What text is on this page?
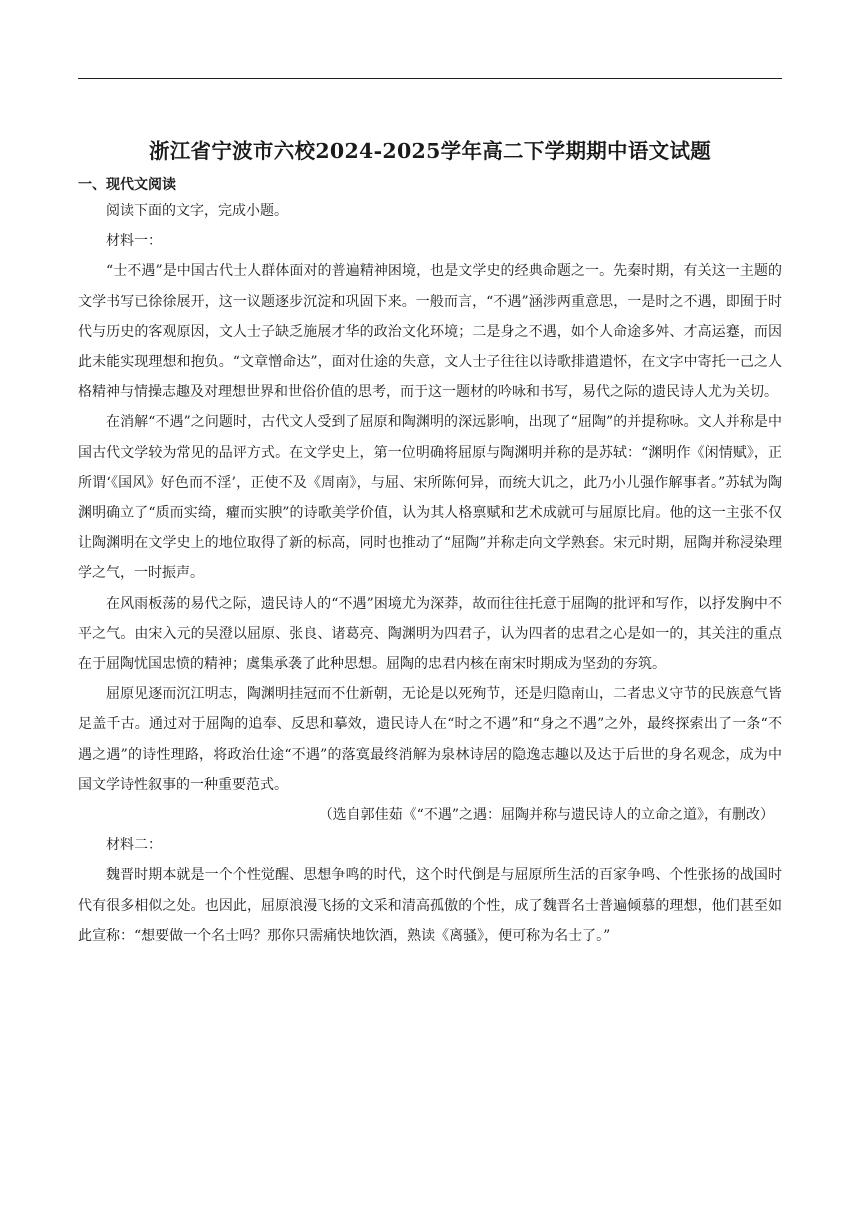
浙江省宁波市六校2024-2025学年高二下学期期中语文试题
一、现代文阅读

阅读下面的文字，完成小题。

材料一：

“士不遇”是中国古代士人群体面对的普遍精神困境，也是文学史的经典命题之一。先秦时期，有关这一主题的文学书写已徐徐展开，这一议题逐步沉淀和巩固下来。一般而言，“不遇”涵涉两重意思，一是时之不遇，即囿于时代与历史的客观原因，文人士子缺乏施展才华的政治文化环境；二是身之不遇，如个人命途多舛、才高运蹇，而因此未能实现理想和抱负。“文章憎命达”，面对仕途的失意，文人士子往往以诗歌排遣遣怀，在文字中寄托一己之人格精神与情操志趣及对理想世界和世俗价值的思考，而于这一题材的吟咏和书写，易代之际的遗民诗人尤为关切。

在消解“不遇”之问题时，古代文人受到了屈原和陶渊明的深远影响，出现了“屈陶”的并提称咏。文人并称是中国古代文学较为常见的品评方式。在文学史上，第一位明确将屈原与陶渊明并称的是苏轼：“渊明作《闲情赋》，正所谓‘《国风》好色而不淫’，正使不及《周南》，与屈、宋所陈何异，而统大讥之，此乃小儿强作解事者。”苏轼为陶渊明确立了“质而实绮，癯而实腴”的诗歌美学价值，认为其人格禀赋和艺术成就可与屈原比肩。他的这一主张不仅让陶渊明在文学史上的地位取得了新的标高，同时也推动了“屈陶”并称走向文学熟套。宋元时期，屈陶并称浸染理学之气，一时振声。

在风雨板荡的易代之际，遗民诗人的“不遇”困境尤为深莽，故而往往托意于屈陶的批评和写作，以抒发胸中不平之气。由宋入元的吴澄以屈原、张良、诸葛亮、陶渊明为四君子，认为四者的忠君之心是如一的，其关注的重点在于屈陶忧国忠愤的精神；虞集承袭了此种思想。屈陶的忠君内核在南宋时期成为坚劲的夯筑。

屈原见逐而沉江明志，陶渊明挂冠而不仕新朝，无论是以死殉节，还是归隐南山，二者忠义守节的民族意气皆足盖千古。通过对于屈陶的追奉、反思和摹效，遗民诗人在“时之不遇”和“身之不遇”之外，最终探索出了一条“不遇之遇”的诗性理路，将政治仕途“不遇”的落寞最终消解为泉林诗居的隐逸志趣以及达于后世的身名观念，成为中国文学诗性叙事的一种重要范式。

（选自郭佳茹《“不遇”之遇：屈陶并称与遗民诗人的立命之道》，有删改）

材料二：

魏晋时期本就是一个个性觉醒、思想争鸣的时代，这个时代倒是与屈原所生活的百家争鸣、个性张扬的战国时代有很多相似之处。也因此，屈原浪漫飞扬的文采和清高孤傲的个性，成了魏晋名士普遍倾慕的理想，他们甚至如此宣称：“想要做一个名士吗？那你只需痛快地饮酒，熟读《离骚》，便可称为名士了。”
